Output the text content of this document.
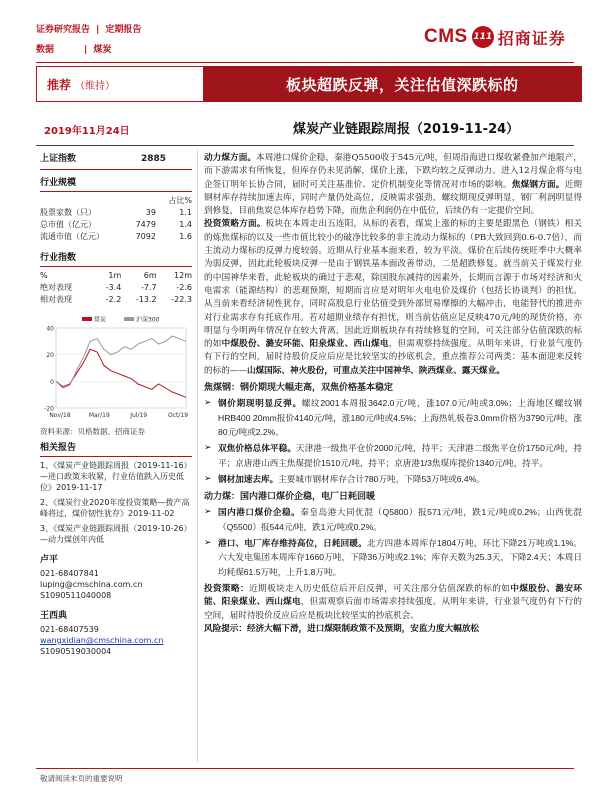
证券研究报告 | 定期报告
数据	| 煤炭
CMS 111 招商证券
推荐 （维持）	板块超跌反弹，关注估值深跌标的
2019年11月24日	煤炭产业链跟踪周报（2019-11-24）
上证指数	2885
行业规模
		占比%
股票家数（只）	39	1.1
总市值（亿元）	7479	1.4
流通市值（亿元）	7092	1.6
行业指数
%	1m	6m	12m
绝对表现	-3.4	-7.7	-2.6
相对表现	-2.2	-13.2	-22.3
40
20
0
-20
Nov/18	Mar/19	Jul/19	Oct/19
煤炭	沪深300
资料来源：贝格数据、招商证券
相关报告
1、《煤炭产业链跟踪周报（2019-11-16）—进口政策未收紧，行业估值跌入历史低位》2019-11-17
2、《煤炭行业2020年度投资策略—拨产高峰将过，煤价韧性犹存》2019-11-02
3、《煤炭产业链跟踪周报（2019-10-26）—动力煤创年内低
卢平
021-68407841
luping@cmschina.com.cn
S1090511040008
王西典
021-68407539
wangxidian@cmschina.com.cn
S1090519030004

动力煤方面。本周港口煤价企稳，秦港Q5500收于545元/吨，但周沿海进口煤收紧叠加产地限产，而下游需求有所恢复，但库存仍未见消解，煤价上涨，下跌均较之反弹动力。进入12月煤企将与电企签订明年长协合同，届时可关注基准价、定价机制变化等情况对市场的影响。焦煤钢方面。近期钢材库存持续加速去库，同时产量仍处高位，反映需求强劲，螺纹期现反弹明显，钢厂利润明显得到修复，目前焦炭总体库存趋势下降，而焦企利润仍在中低位，后续仍有一定提价空间。

投资策略方面。板块在本周走出五连阳，从标的表看，煤炭上涨的标的主要是跟黑色（钢铁）相关的炼焦煤标的以及一些市值比较小的破净比较多的非主流动力煤标的（PB大致回到0.6-0.7倍），而主流动力煤标的反弹力度较弱。近期从行业基本面来看，较为平淡。煤价在后续传统旺季中大概率为弱反弹，因此此轮板块反弹一是由于钢铁基本面改善带动，二是超跌修复。就当前关于煤炭行业的中国神华来看，此轮板块的确过于悲观，除国股东减持的因素外，长期而言源于市场对经济和火电需求（能源结构）的悲观预期，短期而言应是对明年火电电价及煤价（包括长协谈判）的担忧。从当前来看经济韧性犹存，同时高股息行业估值受到外部贸易摩擦的大幅冲击，电能替代的推进亦对行业需求存有托底作用。若对超期业绩存有担忧，则当前估值应足反映470元/吨的现货价格，亦明显与今明两年情况存在较大背离，因此近期板块存有持续修复的空间，可关注部分估值深跌的标的如中煤股份、潞安环能、阳泉煤业、西山煤电，但需观察持续强度。从明年来讲，行业景气度仍有下行的空间，届时待股价反应后应是比较坚实的抄底机会，重点推荐公司两类：基本面迎来反转的标的——山煤国际、神火股份，可重点关注中国神华、陕西煤业、露天煤业。

焦煤钢：钢价期现大幅走高，双焦价格基本稳定
➢ 钢价期现明显反弹。螺纹2001本周报3642.0元/吨，涨107.0元/吨或3.0%；上海地区螺纹钢HRB400 20mm报价4140元/吨，涨180元/吨或4.5%；上海热轧板卷3.0mm价格为3790元/吨，涨80元/吨或2.2%。
➢ 双焦价格总体平稳。天津港一级焦平仓价2000元/吨，持平；天津港二级焦平仓价1750元/吨，持平；京唐港山西主焦煤提价1510元/吨，持平；京唐港1/3焦煤库提价1340元/吨，持平。
➢ 钢材加速去库。主要城市钢材库存合计780万吨，下降53万吨或6.4%。
动力煤：国内港口煤价企稳，电厂日耗回暖
➢ 国内港口煤价企稳。秦皇岛港大同优混（Q5800）报571元/吨，跌1元/吨或0.2%；山西优混（Q5500）报544元/吨，跌1元/吨或0.2%。
➢ 港口、电厂库存维持高位，日耗回暖。北方四港本周库存1804万吨，环比下降21万吨或1.1%。六大发电集团本周库存1660万吨，下降36万吨或2.1%；库存天数为25.3天，下降2.4天；本周日均耗煤61.5万吨，上升1.8万吨。

投资策略：近期板块走入历史低位后开启反弹，可关注部分估值深跌的标的如中煤股份、潞安环能、阳泉煤业、西山煤电，但需观察后面市场需求持续强度。从明年来讲，行业景气度仍有下行的空间，届时待股价反应后应是板块比较坚实的抄底机会。

风险提示：经济大幅下滑，进口煤限制政策不及预期，安监力度大幅放松

敬请阅读末页的重要说明
